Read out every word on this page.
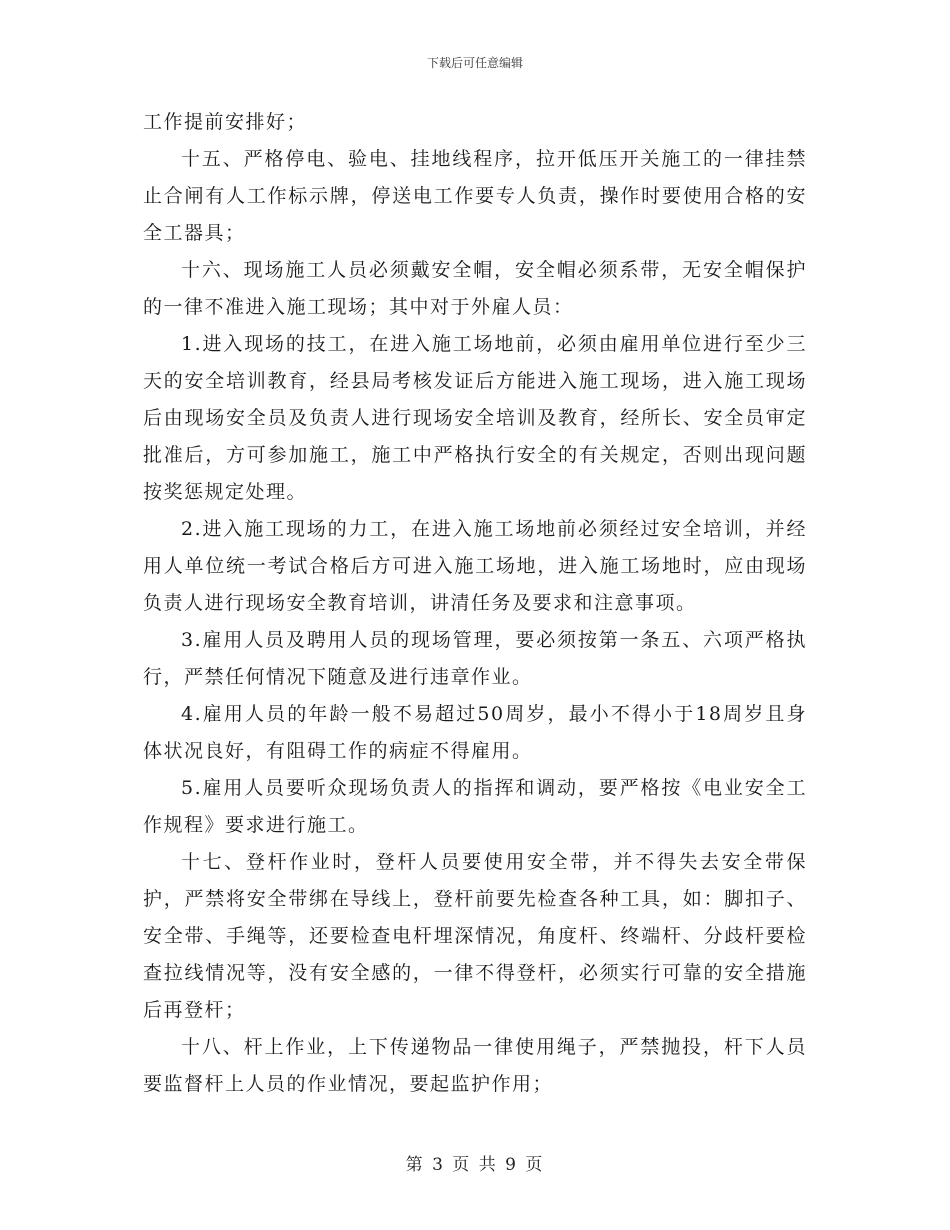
下载后可任意编辑

工作提前安排好；

十五、严格停电、验电、挂地线程序，拉开低压开关施工的一律挂禁止合闸有人工作标示牌，停送电工作要专人负责，操作时要使用合格的安全工器具；

十六、现场施工人员必须戴安全帽，安全帽必须系带，无安全帽保护的一律不准进入施工现场；其中对于外雇人员：

1.进入现场的技工，在进入施工场地前，必须由雇用单位进行至少三天的安全培训教育，经县局考核发证后方能进入施工现场，进入施工现场后由现场安全员及负责人进行现场安全培训及教育，经所长、安全员审定批准后，方可参加施工，施工中严格执行安全的有关规定，否则出现问题按奖惩规定处理。

2.进入施工现场的力工，在进入施工场地前必须经过安全培训，并经用人单位统一考试合格后方可进入施工场地，进入施工场地时，应由现场负责人进行现场安全教育培训，讲清任务及要求和注意事项。

3.雇用人员及聘用人员的现场管理，要必须按第一条五、六项严格执行，严禁任何情况下随意及进行违章作业。

4.雇用人员的年龄一般不易超过50周岁，最小不得小于18周岁且身体状况良好，有阻碍工作的病症不得雇用。

5.雇用人员要听众现场负责人的指挥和调动，要严格按《电业安全工作规程》要求进行施工。

十七、登杆作业时，登杆人员要使用安全带，并不得失去安全带保护，严禁将安全带绑在导线上，登杆前要先检查各种工具，如：脚扣子、安全带、手绳等，还要检查电杆埋深情况，角度杆、终端杆、分歧杆要检查拉线情况等，没有安全感的，一律不得登杆，必须实行可靠的安全措施后再登杆；

十八、杆上作业，上下传递物品一律使用绳子，严禁抛投，杆下人员要监督杆上人员的作业情况，要起监护作用；

第 3 页 共 9 页
